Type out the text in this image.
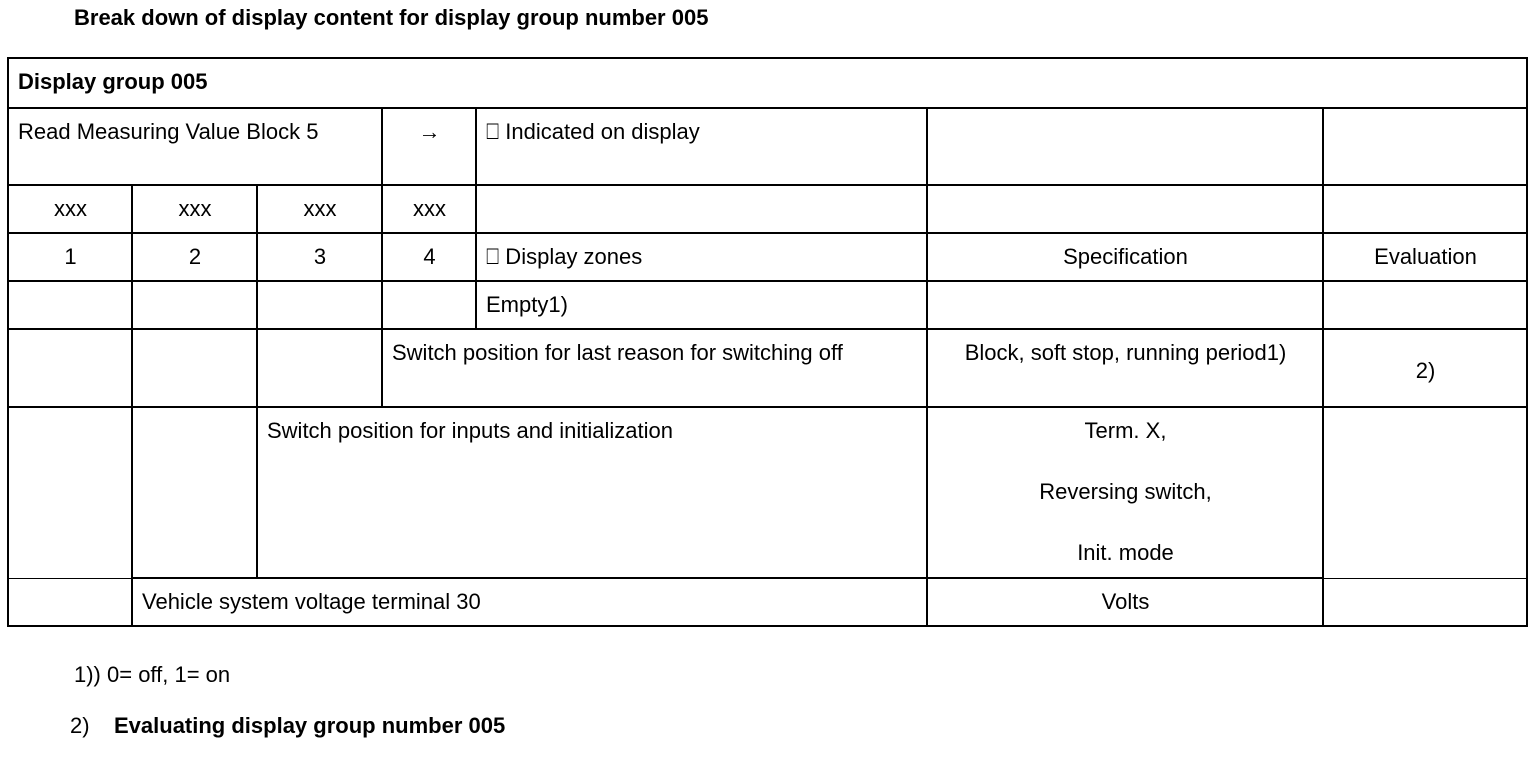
Break down of display content for display group number 005
Display group 005						
Read Measuring Value Block 5			→	⎕ Indicated on display		
xxx	xxx	xxx	xxx			
1	2	3	4	⎕ Display zones	Specification	Evaluation
				Empty1)		
			Switch position for last reason for switching off		Block, soft stop, running period1)	2)
		Switch position for inputs and initialization			Term. X,
Reversing switch,
Init. mode	

	Vehicle system voltage terminal 30				Volts	
1)) 0= off, 1= on
2) Evaluating display group number 005
